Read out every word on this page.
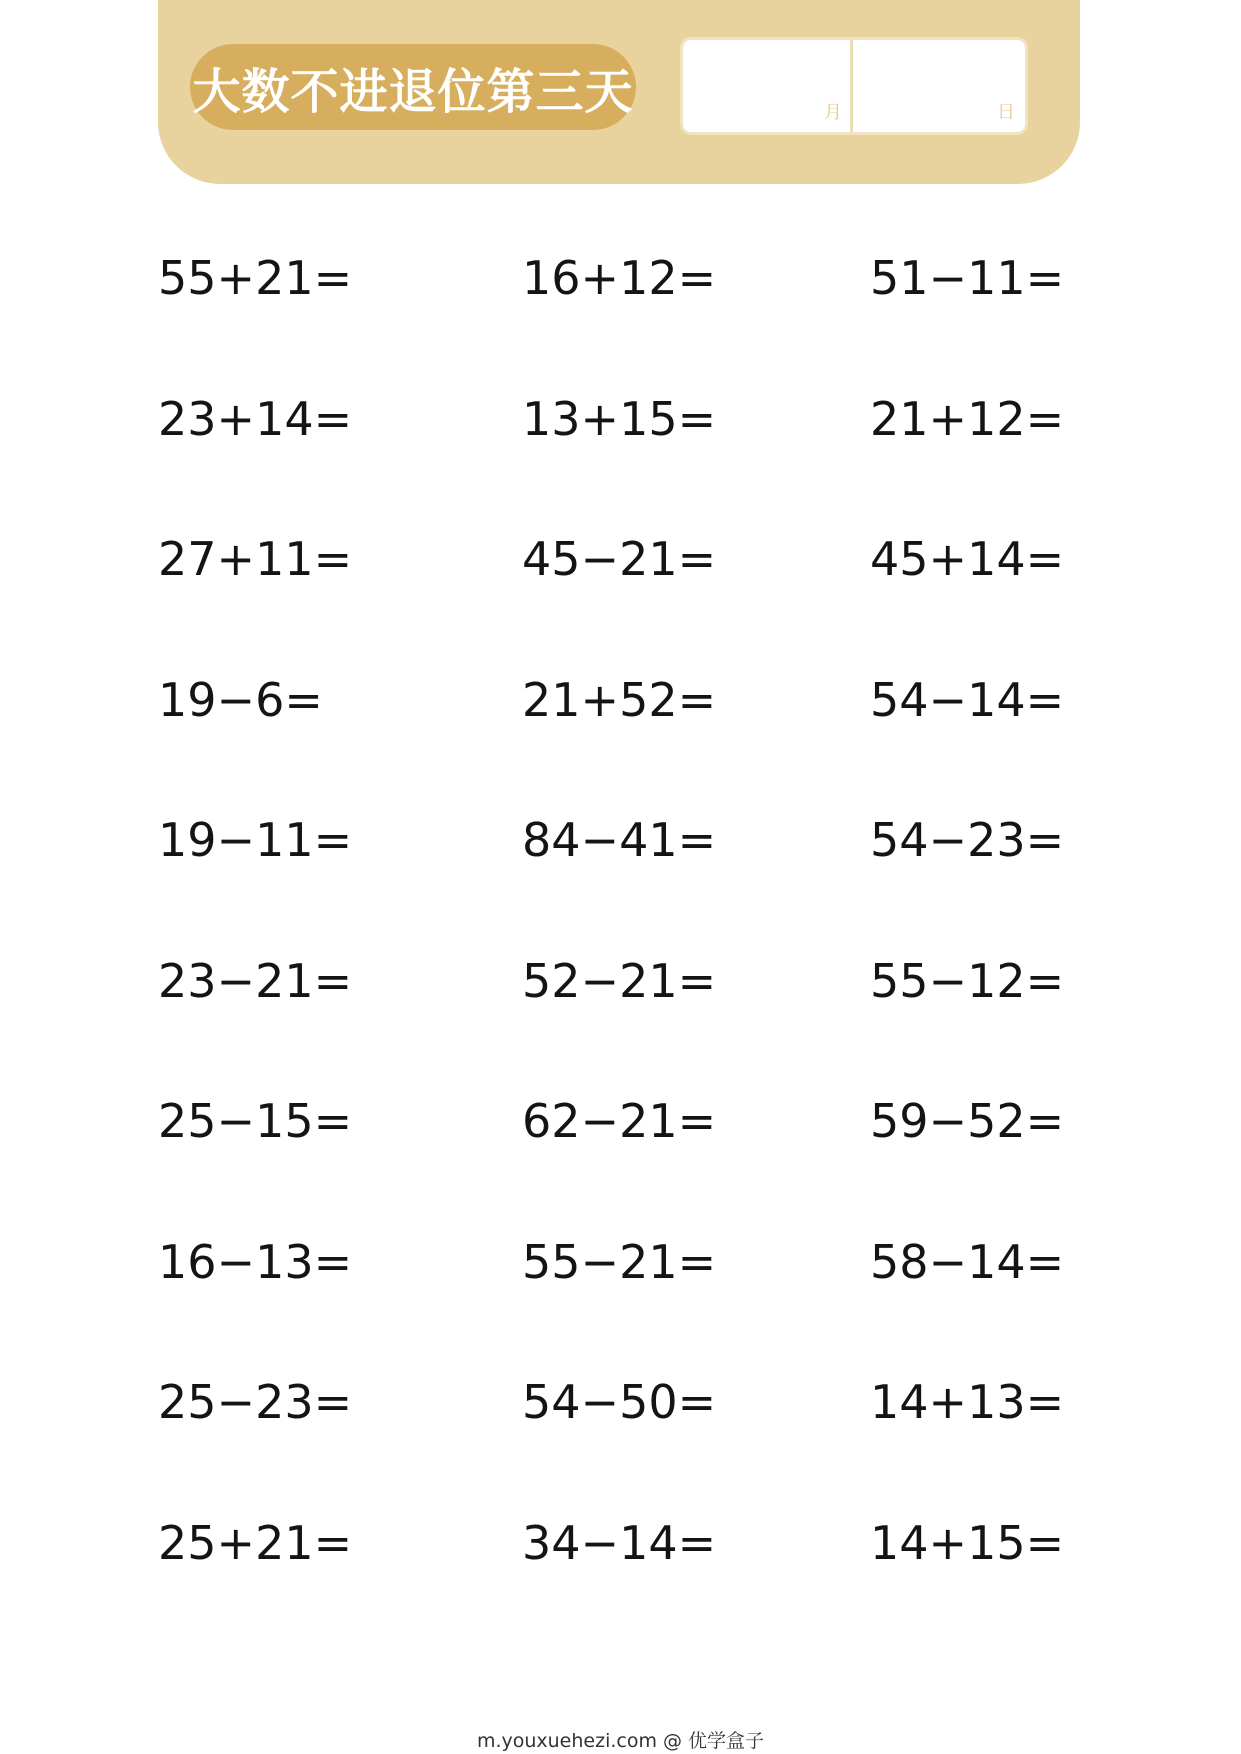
大数不进退位第三天	月	日
55+21=
23+14=
27+11=
19−6=
19−11=
23−21=
25−15=
16−13=
25−23=
25+21=
16+12=
13+15=
45−21=
21+52=
84−41=
52−21=
62−21=
55−21=
54−50=
34−14=
51−11=
21+12=
45+14=
54−14=
54−23=
55−12=
59−52=
58−14=
14+13=
14+15=
m.youxuehezi.com @ 优学盒子
